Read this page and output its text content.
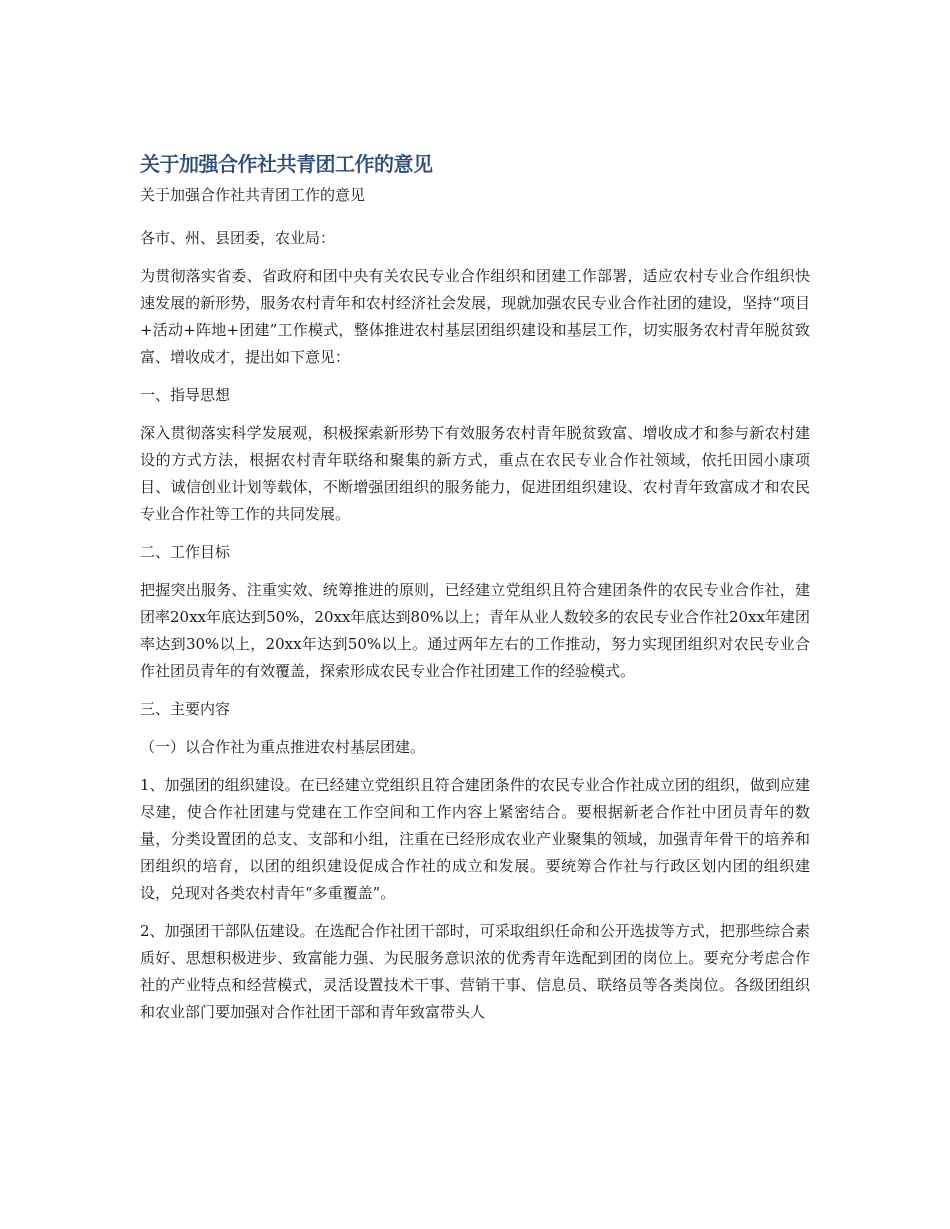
关于加强合作社共青团工作的意见

关于加强合作社共青团工作的意见

各市、州、县团委，农业局：

为贯彻落实省委、省政府和团中央有关农民专业合作组织和团建工作部署，适应农村专业合作组织快速发展的新形势，服务农村青年和农村经济社会发展，现就加强农民专业合作社团的建设，坚持“项目+活动+阵地+团建”工作模式，整体推进农村基层团组织建设和基层工作，切实服务农村青年脱贫致富、增收成才，提出如下意见：

一、指导思想

深入贯彻落实科学发展观，积极探索新形势下有效服务农村青年脱贫致富、增收成才和参与新农村建设的方式方法，根据农村青年联络和聚集的新方式，重点在农民专业合作社领域，依托田园小康项目、诚信创业计划等载体，不断增强团组织的服务能力，促进团组织建设、农村青年致富成才和农民专业合作社等工作的共同发展。

二、工作目标

把握突出服务、注重实效、统筹推进的原则，已经建立党组织且符合建团条件的农民专业合作社，建团率20xx年底达到50%，20xx年底达到80%以上；青年从业人数较多的农民专业合作社20xx年建团率达到30%以上，20xx年达到50%以上。通过两年左右的工作推动，努力实现团组织对农民专业合作社团员青年的有效覆盖，探索形成农民专业合作社团建工作的经验模式。

三、主要内容

（一）以合作社为重点推进农村基层团建。

1、加强团的组织建设。在已经建立党组织且符合建团条件的农民专业合作社成立团的组织，做到应建尽建，使合作社团建与党建在工作空间和工作内容上紧密结合。要根据新老合作社中团员青年的数量，分类设置团的总支、支部和小组，注重在已经形成农业产业聚集的领域，加强青年骨干的培养和团组织的培育，以团的组织建设促成合作社的成立和发展。要统筹合作社与行政区划内团的组织建设，兑现对各类农村青年“多重覆盖”。

2、加强团干部队伍建设。在选配合作社团干部时，可采取组织任命和公开选拔等方式，把那些综合素质好、思想积极进步、致富能力强、为民服务意识浓的优秀青年选配到团的岗位上。要充分考虑合作社的产业特点和经营模式，灵活设置技术干事、营销干事、信息员、联络员等各类岗位。各级团组织和农业部门要加强对合作社团干部和青年致富带头人
